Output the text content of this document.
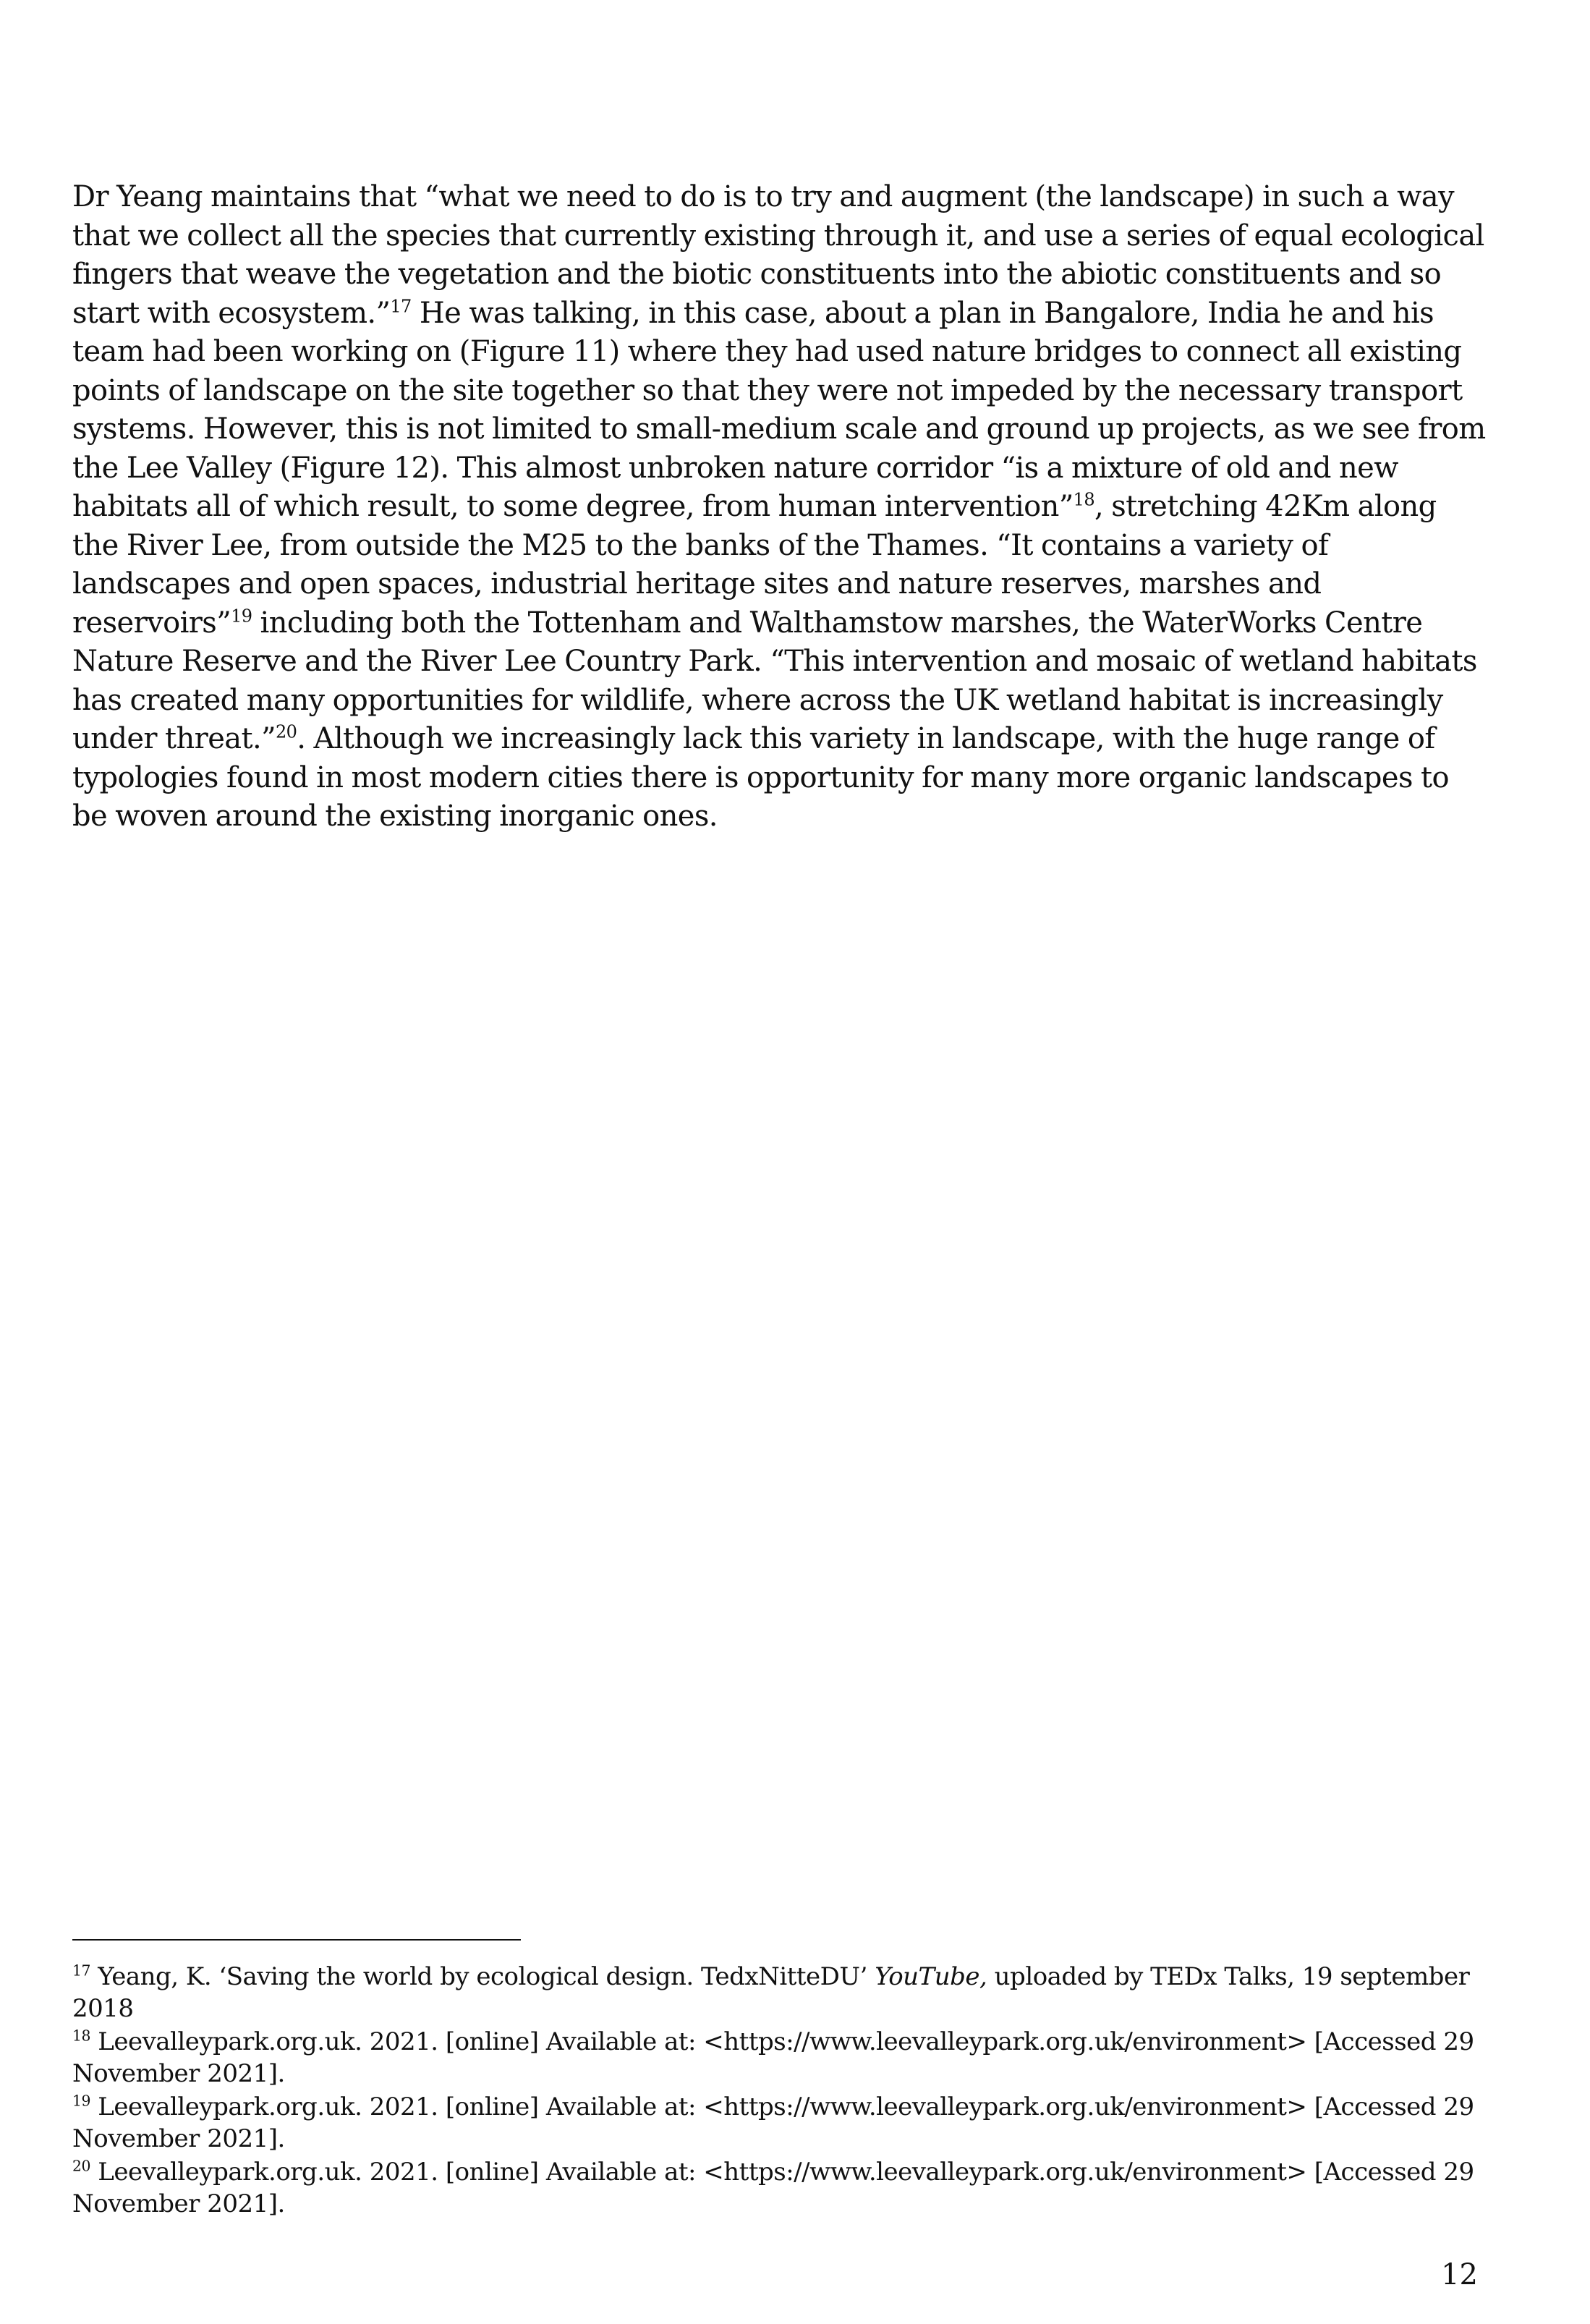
Dr Yeang maintains that “what we need to do is to try and augment (the landscape) in such a way that we collect all the species that currently existing through it, and use a series of equal ecological fingers that weave the vegetation and the biotic constituents into the abiotic constituents and so start with ecosystem.”$^{17}$ He was talking, in this case, about a plan in Bangalore, India he and his team had been working on (Figure 11) where they had used nature bridges to connect all existing points of landscape on the site together so that they were not impeded by the necessary transport systems. However, this is not limited to small-medium scale and ground up projects, as we see from the Lee Valley (Figure 12). This almost unbroken nature corridor “is a mixture of old and new habitats all of which result, to some degree, from human intervention”$^{18}$, stretching 42Km along the River Lee, from outside the M25 to the banks of the Thames. “It contains a variety of landscapes and open spaces, industrial heritage sites and nature reserves, marshes and reservoirs”$^{19}$ including both the Tottenham and Walthamstow marshes, the WaterWorks Centre Nature Reserve and the River Lee Country Park. “This intervention and mosaic of wetland habitats has created many opportunities for wildlife, where across the UK wetland habitat is increasingly under threat.”$^{20}$. Although we increasingly lack this variety in landscape, with the huge range of typologies found in most modern cities there is opportunity for many more organic landscapes to be woven around the existing inorganic ones.

$^{17}$ Yeang, K. ‘Saving the world by ecological design. TedxNitteDU’ YouTube, uploaded by TEDx Talks, 19 september 2018

$^{18}$ Leevalleypark.org.uk. 2021. [online] Available at: <https://www.leevalleypark.org.uk/environment> [Accessed 29 November 2021].

$^{19}$ Leevalleypark.org.uk. 2021. [online] Available at: <https://www.leevalleypark.org.uk/environment> [Accessed 29 November 2021].

$^{20}$ Leevalleypark.org.uk. 2021. [online] Available at: <https://www.leevalleypark.org.uk/environment> [Accessed 29 November 2021].

12
